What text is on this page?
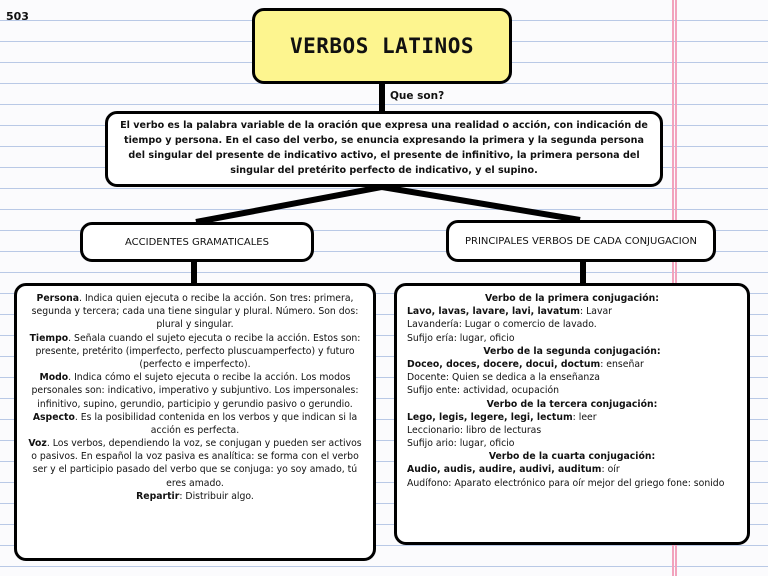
503
VERBOS LATINOS
Que son?
El verbo es la palabra variable de la oración que expresa una realidad o acción, con indicación de tiempo y persona. En el caso del verbo, se enuncia expresando la primera y la segunda persona del singular del presente de indicativo activo, el presente de infinitivo, la primera persona del singular del pretérito perfecto de indicativo, y el supino.
ACCIDENTES GRAMATICALES	PRINCIPALES VERBOS DE CADA CONJUGACION
Persona. Indica quien ejecuta o recibe la acción. Son tres: primera, segunda y tercera; cada una tiene singular y plural. Número. Son dos: plural y singular.
Tiempo. Señala cuando el sujeto ejecuta o recibe la acción. Estos son: presente, pretérito (imperfecto, perfecto pluscuamperfecto) y futuro (perfecto e imperfecto).
Modo. Indica cómo el sujeto ejecuta o recibe la acción. Los modos personales son: indicativo, imperativo y subjuntivo. Los impersonales: infinitivo, supino, gerundio, participio y gerundio pasivo o gerundio.
Aspecto. Es la posibilidad contenida en los verbos y que indican si la acción es perfecta.
Voz. Los verbos, dependiendo la voz, se conjugan y pueden ser activos o pasivos. En español la voz pasiva es analítica: se forma con el verbo ser y el participio pasado del verbo que se conjuga: yo soy amado, tú eres amado.
Repartir: Distribuir algo.
Verbo de la primera conjugación:
Lavo, lavas, lavare, lavi, lavatum: Lavar
Lavandería: Lugar o comercio de lavado.
Sufijo ería: lugar, oficio
Verbo de la segunda conjugación:
Doceo, doces, docere, docui, doctum: enseñar
Docente: Quien se dedica a la enseñanza
Sufijo ente: actividad, ocupación
Verbo de la tercera conjugación:
Lego, legis, legere, legi, lectum: leer
Leccionario: libro de lecturas
Sufijo ario: lugar, oficio
Verbo de la cuarta conjugación:
Audio, audis, audire, audivi, auditum: oír
Audífono: Aparato electrónico para oír mejor del griego fone: sonido
